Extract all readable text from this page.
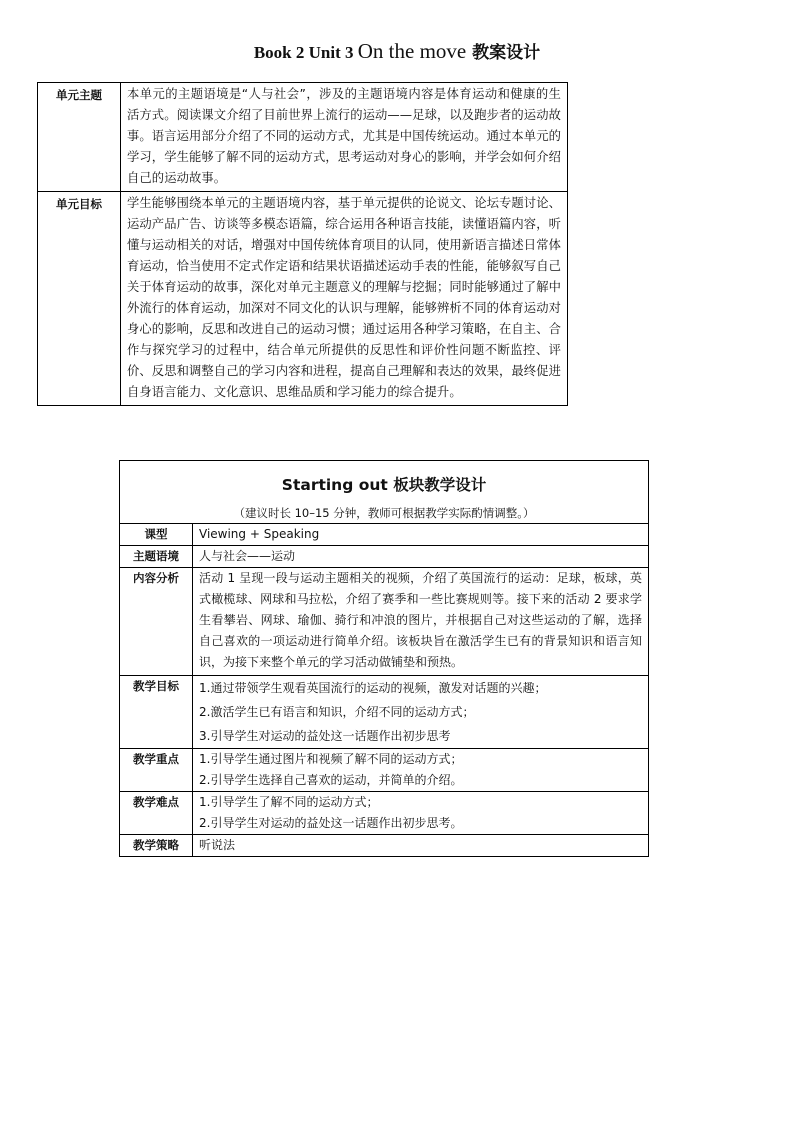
Book 2 Unit 3 On the move 教案设计
单元主题	本单元的主题语境是“人与社会”，涉及的主题语境内容是体育运动和健康的生活方式。阅读课文介绍了目前世界上流行的运动——足球，以及跑步者的运动故事。语言运用部分介绍了不同的运动方式，尤其是中国传统运动。通过本单元的学习，学生能够了解不同的运动方式，思考运动对身心的影响，并学会如何介绍自己的运动故事。
单元目标	学生能够围绕本单元的主题语境内容，基于单元提供的论说文、论坛专题讨论、运动产品广告、访谈等多模态语篇，综合运用各种语言技能，读懂语篇内容，听懂与运动相关的对话，增强对中国传统体育项目的认同，使用新语言描述日常体育运动，恰当使用不定式作定语和结果状语描述运动手表的性能，能够叙写自己关于体育运动的故事，深化对单元主题意义的理解与挖掘；同时能够通过了解中外流行的体育运动，加深对不同文化的认识与理解，能够辨析不同的体育运动对身心的影响，反思和改进自己的运动习惯；通过运用各种学习策略，在自主、合作与探究学习的过程中，结合单元所提供的反思性和评价性问题不断监控、评价、反思和调整自己的学习内容和进程，提高自己理解和表达的效果，最终促进自身语言能力、文化意识、思维品质和学习能力的综合提升。
Starting out 板块教学设计
（建议时长 10–15 分钟，教师可根据教学实际酌情调整。）	

课型	Viewing + Speaking
主题语境	人与社会——运动
内容分析	活动 1 呈现一段与运动主题相关的视频，介绍了英国流行的运动：足球，板球，英式橄榄球、网球和马拉松，介绍了赛季和一些比赛规则等。接下来的活动 2 要求学生看攀岩、网球、瑜伽、骑行和冲浪的图片，并根据自己对这些运动的了解，选择自己喜欢的一项运动进行简单介绍。该板块旨在激活学生已有的背景知识和语言知识，为接下来整个单元的学习活动做铺垫和预热。
教学目标	1.通过带领学生观看英国流行的运动的视频，激发对话题的兴趣；
2.激活学生已有语言和知识，介绍不同的运动方式；
3.引导学生对运动的益处这一话题作出初步思考

教学重点	1.引导学生通过图片和视频了解不同的运动方式；
2.引导学生选择自己喜欢的运动，并简单的介绍。

教学难点	1.引导学生了解不同的运动方式；
2.引导学生对运动的益处这一话题作出初步思考。

教学策略	听说法
